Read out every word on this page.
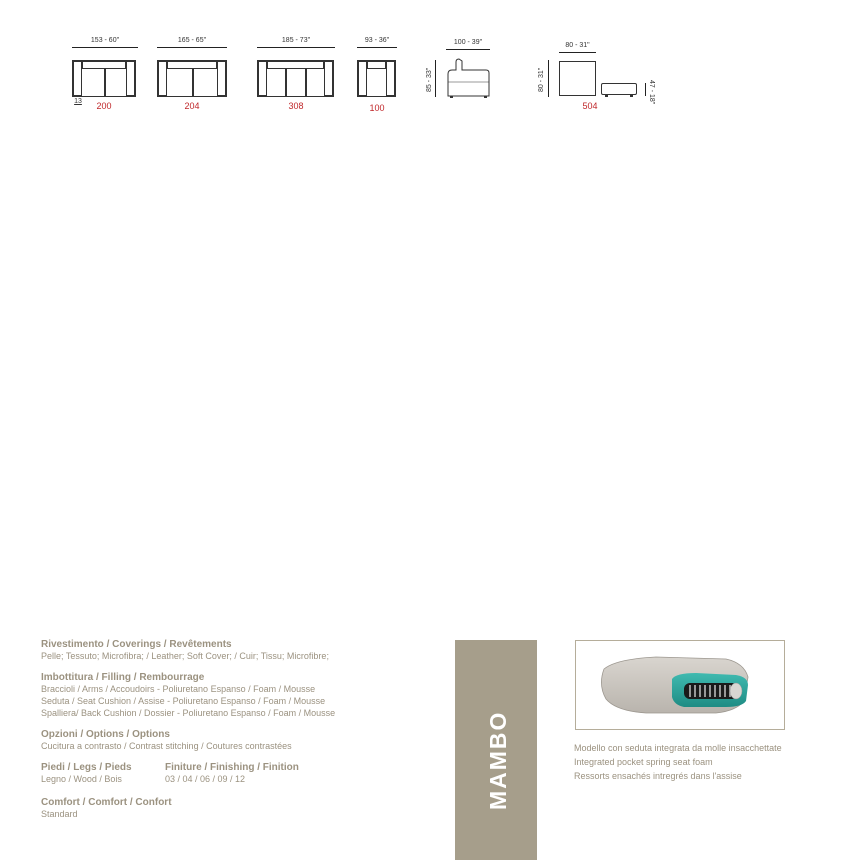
153 - 60"
13	200
165 - 65"
204
185 - 73"
308
93 - 36"
100
100 - 39"
85 - 33"
80 - 31"
80 - 31"
47 - 18"
504
Rivestimento / Coverings / Revêtements
Pelle; Tessuto; Microfibra; / Leather; Soft Cover; / Cuir; Tissu; Microfibre;
Imbottitura / Filling / Rembourrage
Braccioli / Arms / Accoudoirs - Poliuretano Espanso / Foam / Mousse
Seduta / Seat Cushion / Assise - Poliuretano Espanso / Foam / Mousse
Spalliera/ Back Cushion / Dossier - Poliuretano Espanso / Foam / Mousse
Opzioni / Options / Options
Cucitura a contrasto / Contrast stitching / Coutures contrastées
Piedi / Legs / Pieds
Legno / Wood / Bois
Finiture / Finishing / Finition
03 / 04 / 06 / 09 / 12
Comfort / Comfort / Confort
Standard
MAMBO	Modello con seduta integrata da molle insacchettate
Integrated pocket spring seat foam
Ressorts ensachés intregrés dans l'assise
